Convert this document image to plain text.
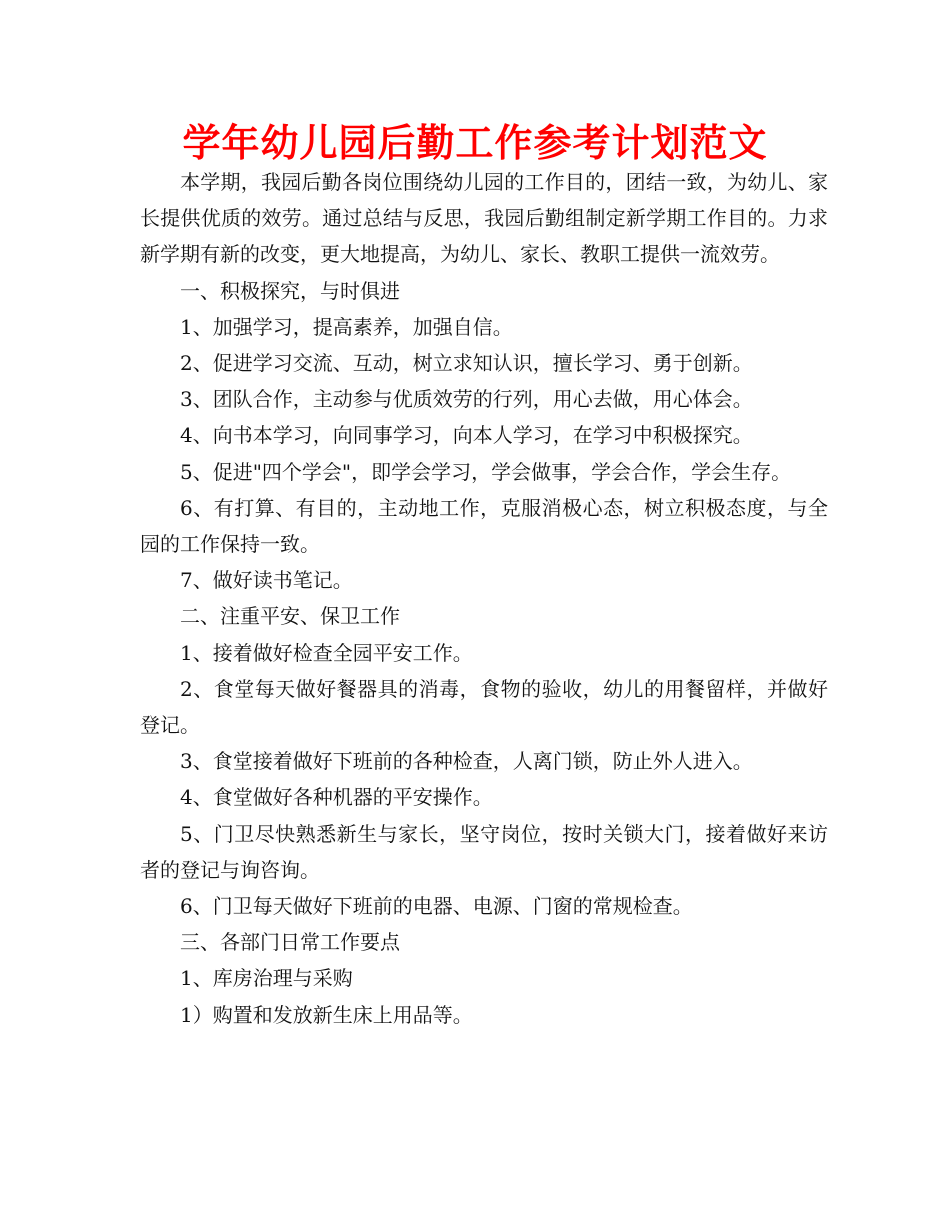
学年幼儿园后勤工作参考计划范文

本学期，我园后勤各岗位围绕幼儿园的工作目的，团结一致，为幼儿、家长提供优质的效劳。通过总结与反思，我园后勤组制定新学期工作目的。力求新学期有新的改变，更大地提高，为幼儿、家长、教职工提供一流效劳。

一、积极探究，与时俱进

1、加强学习，提高素养，加强自信。

2、促进学习交流、互动，树立求知认识，擅长学习、勇于创新。

3、团队合作，主动参与优质效劳的行列，用心去做，用心体会。

4、向书本学习，向同事学习，向本人学习，在学习中积极探究。

5、促进"四个学会"，即学会学习，学会做事，学会合作，学会生存。

6、有打算、有目的，主动地工作，克服消极心态，树立积极态度，与全园的工作保持一致。

7、做好读书笔记。

二、注重平安、保卫工作

1、接着做好检查全园平安工作。

2、食堂每天做好餐器具的消毒，食物的验收，幼儿的用餐留样，并做好登记。

3、食堂接着做好下班前的各种检查，人离门锁，防止外人进入。

4、食堂做好各种机器的平安操作。

5、门卫尽快熟悉新生与家长，坚守岗位，按时关锁大门，接着做好来访者的登记与询咨询。

6、门卫每天做好下班前的电器、电源、门窗的常规检查。

三、各部门日常工作要点

1、库房治理与采购

1）购置和发放新生床上用品等。
